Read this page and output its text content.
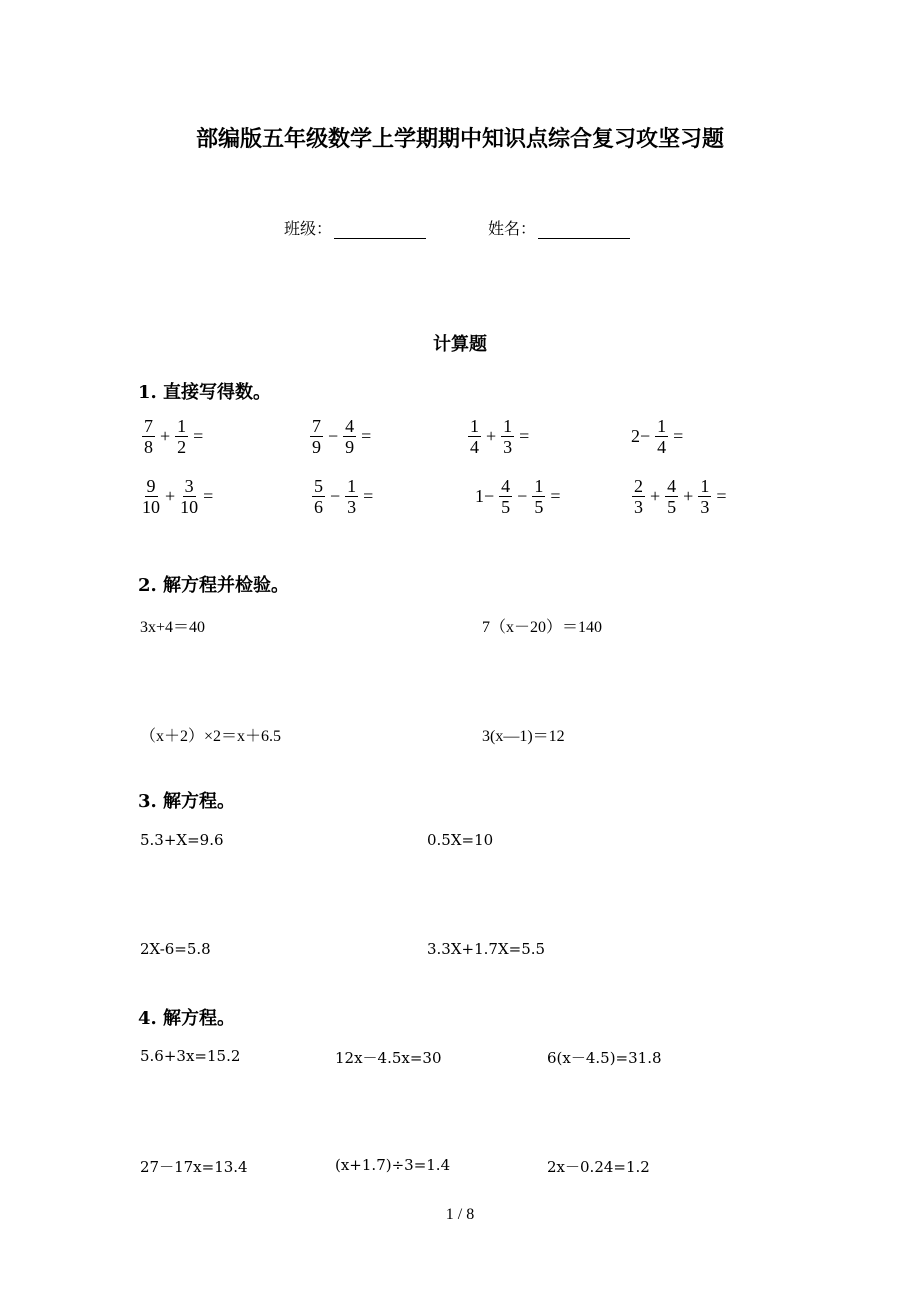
部编版五年级数学上学期期中知识点综合复习攻坚习题
班级：	姓名：
计算题
1. 直接写得数。
$\frac{7}{8} + \frac{1}{2}$ =	$\frac{7}{9} - \frac{4}{9}$ =	$\frac{1}{4} + \frac{1}{3}$ =	$2- \frac{1}{4}$ =
$\frac{9}{10} + \frac{3}{10}$ =	$\frac{5}{6} - \frac{1}{3}$ =	$1- \frac{4}{5} - \frac{1}{5}$ =	$\frac{2}{3} + \frac{4}{5} + \frac{1}{3}$ =
2. 解方程并检验。
3x+4＝40	7（x－20）＝140
（x＋2）×2＝x＋6.5	3(x—1)＝12
3. 解方程。
5.3+X=9.6	0.5X=10
2X-6=5.8	3.3X+1.7X=5.5
4. 解方程。
5.6+3x=15.2	12x－4.5x=30	6(x－4.5)=31.8
27－17x=13.4	(x+1.7)÷3=1.4	2x－0.24=1.2
1 / 8
